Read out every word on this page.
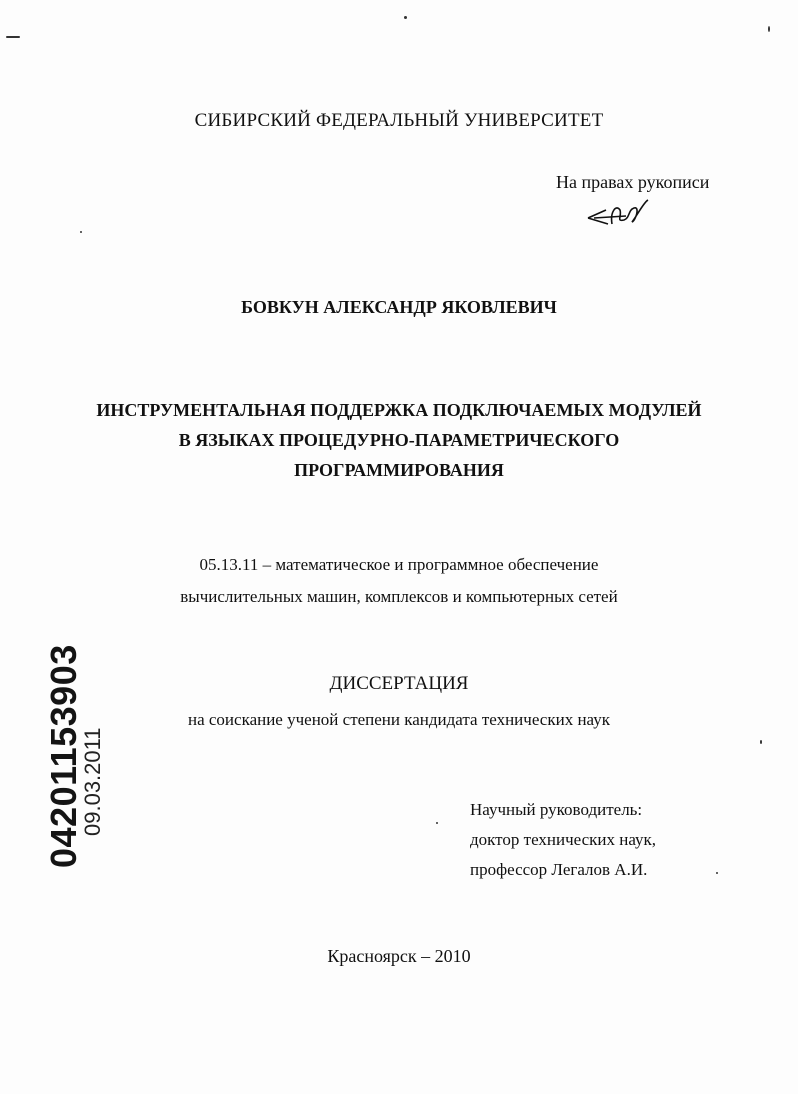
СИБИРСКИЙ ФЕДЕРАЛЬНЫЙ УНИВЕРСИТЕТ
На правах рукописи
БОВКУН АЛЕКСАНДР ЯКОВЛЕВИЧ
ИНСТРУМЕНТАЛЬНАЯ ПОДДЕРЖКА ПОДКЛЮЧАЕМЫХ МОДУЛЕЙ
В ЯЗЫКАХ ПРОЦЕДУРНО-ПАРАМЕТРИЧЕСКОГО
ПРОГРАММИРОВАНИЯ
05.13.11 – математическое и программное обеспечение
вычислительных машин, комплексов и компьютерных сетей
ДИССЕРТАЦИЯ
на соискание ученой степени кандидата технических наук
Научный руководитель:
доктор технических наук,
профессор Легалов А.И.
Красноярск – 2010
04201153903
09.03.2011
